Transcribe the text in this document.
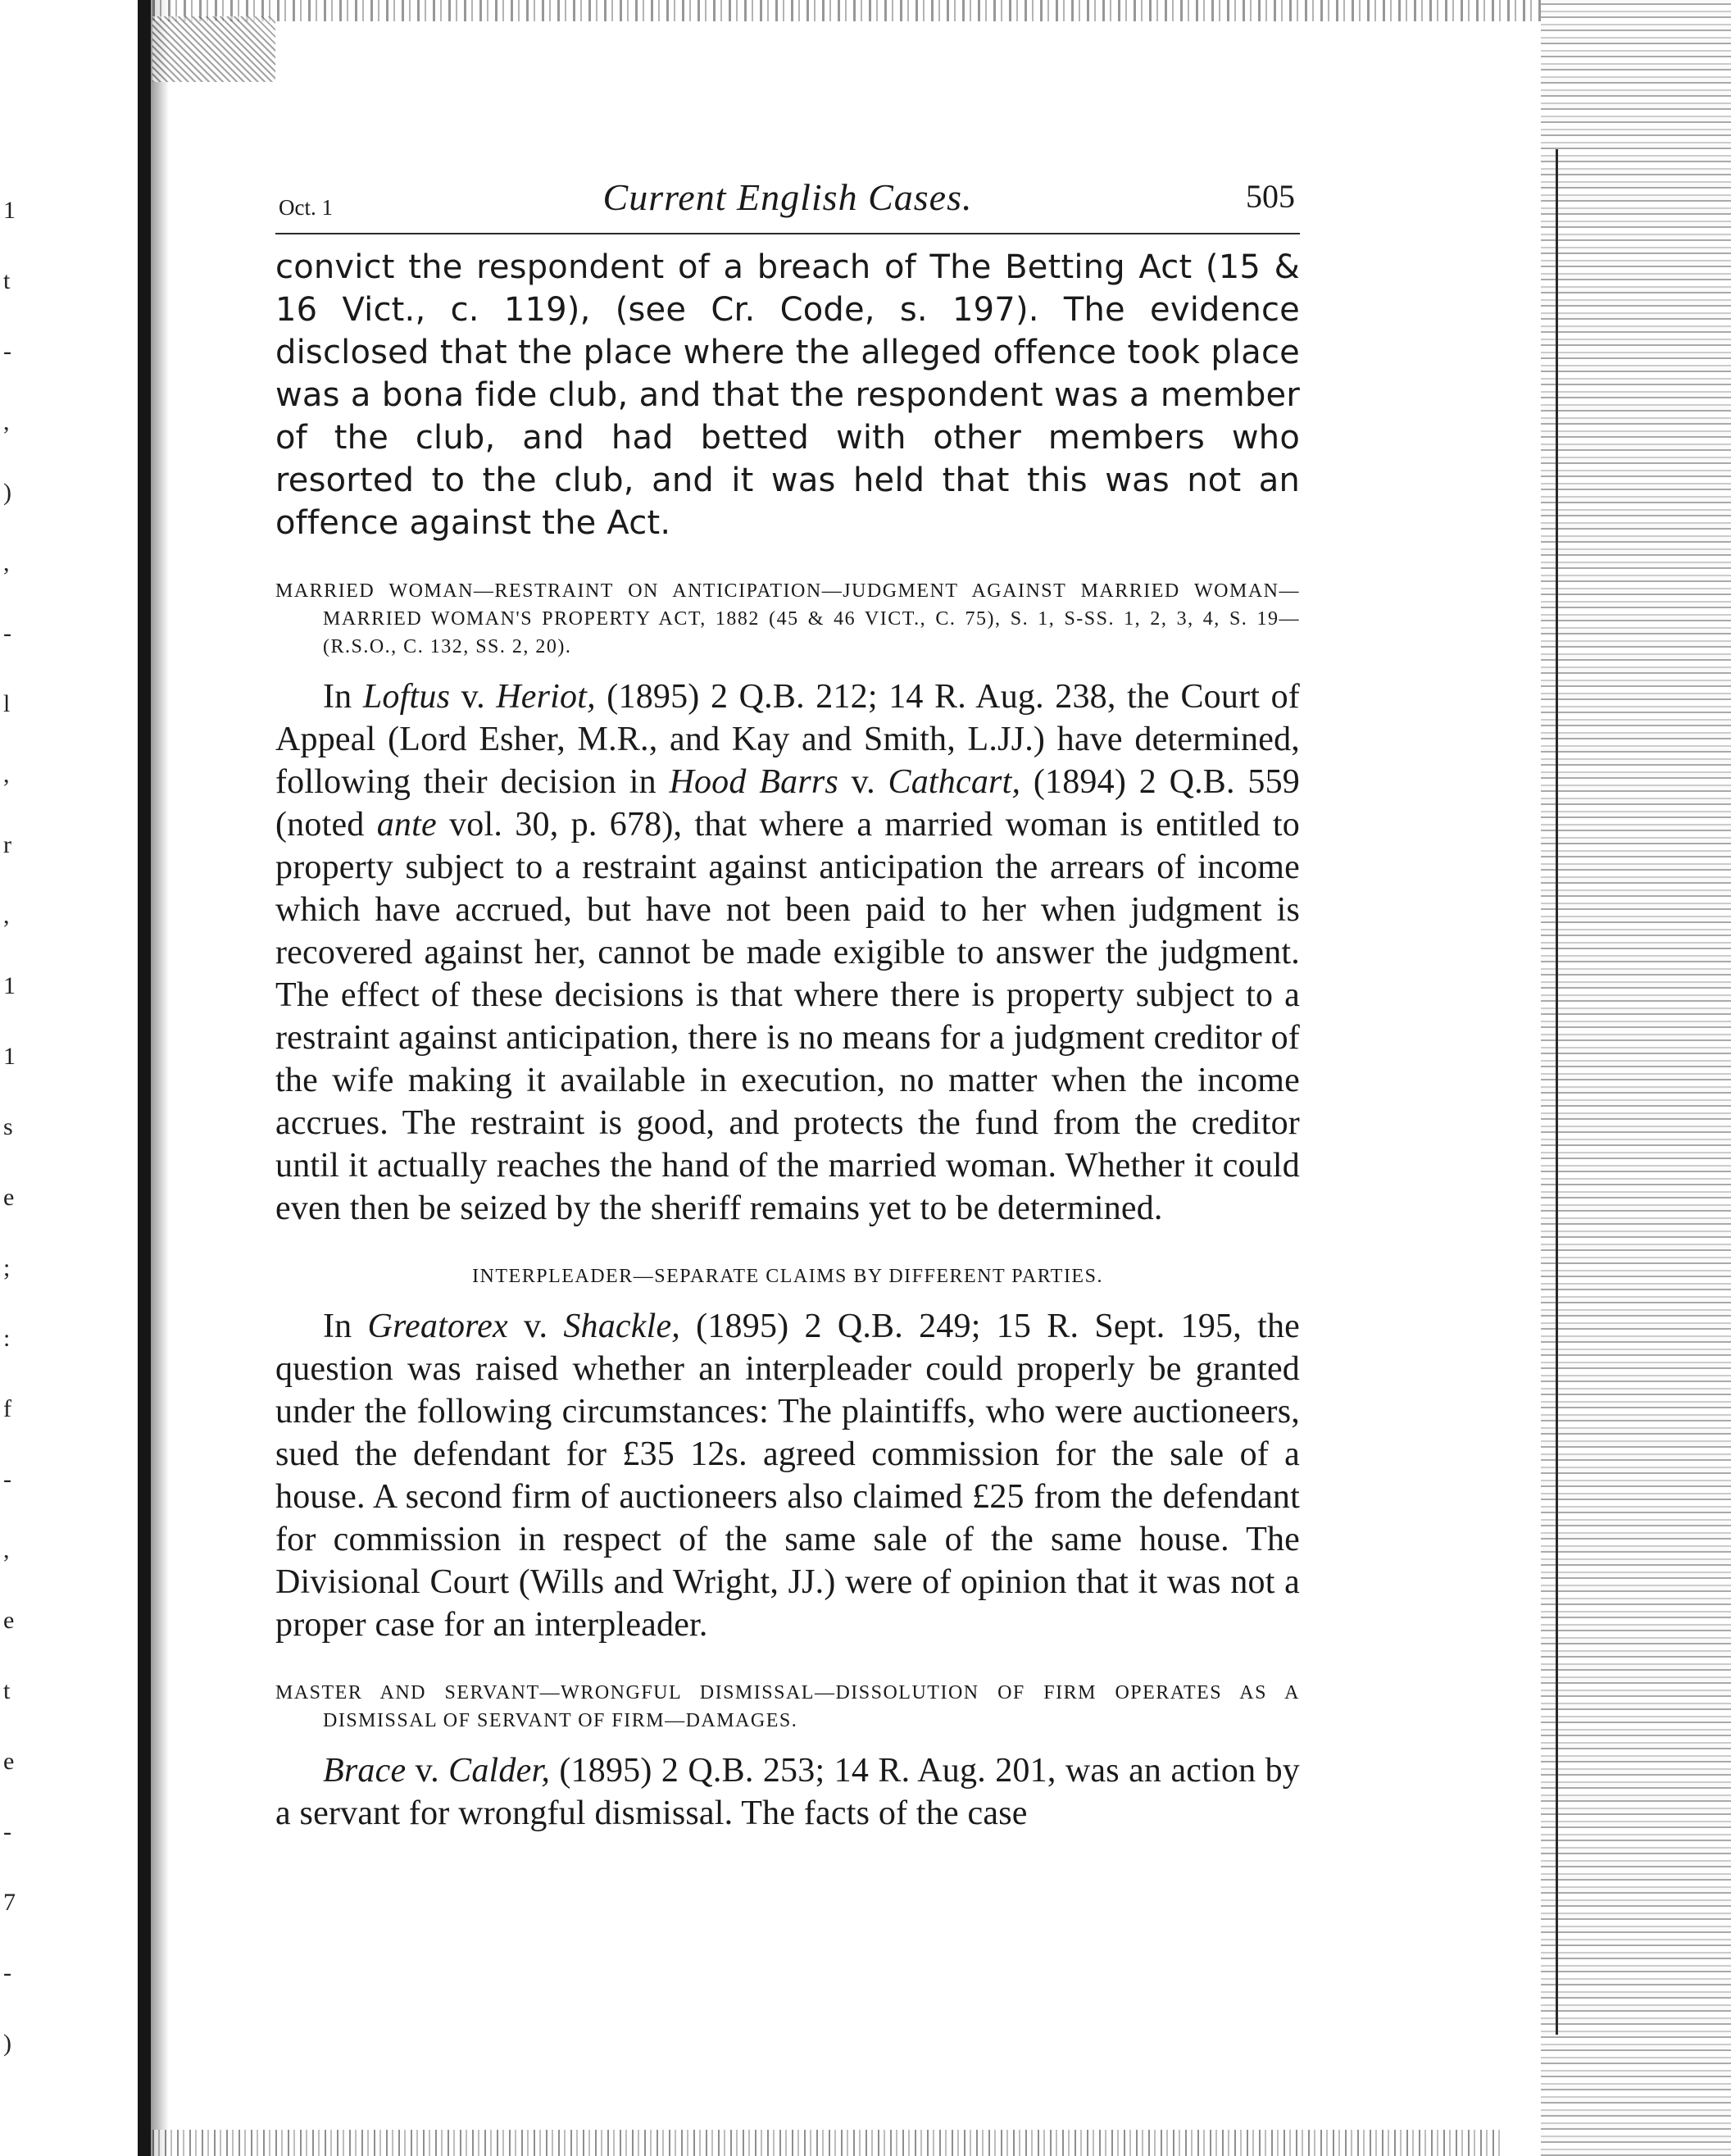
1
t
-
,
)
,
-
l
,
r
,
1
1
s
e
;
:
f
-
,
e
t
e
-
7
-
)
Oct. 1	Current English Cases.	505

convict the respondent of a breach of The Betting Act (15 & 16 Vict., c. 119), (see Cr. Code, s. 197). The evidence disclosed that the place where the alleged offence took place was a bona fide club, and that the respondent was a member of the club, and had betted with other members who resorted to the club, and it was held that this was not an offence against the Act.

MARRIED WOMAN—RESTRAINT ON ANTICIPATION—JUDGMENT AGAINST MARRIED WOMAN—MARRIED WOMAN'S PROPERTY ACT, 1882 (45 & 46 VICT., C. 75), S. 1, S-SS. 1, 2, 3, 4, S. 19—(R.S.O., C. 132, SS. 2, 20).

In Loftus v. Heriot, (1895) 2 Q.B. 212; 14 R. Aug. 238, the Court of Appeal (Lord Esher, M.R., and Kay and Smith, L.JJ.) have determined, following their decision in Hood Barrs v. Cathcart, (1894) 2 Q.B. 559 (noted ante vol. 30, p. 678), that where a married woman is entitled to property subject to a restraint against anticipation the arrears of income which have accrued, but have not been paid to her when judgment is recovered against her, cannot be made exigible to answer the judgment. The effect of these decisions is that where there is property subject to a restraint against anticipation, there is no means for a judgment creditor of the wife making it available in execution, no matter when the income accrues. The restraint is good, and protects the fund from the creditor until it actually reaches the hand of the married woman. Whether it could even then be seized by the sheriff remains yet to be determined.

INTERPLEADER—SEPARATE CLAIMS BY DIFFERENT PARTIES.

In Greatorex v. Shackle, (1895) 2 Q.B. 249; 15 R. Sept. 195, the question was raised whether an interpleader could properly be granted under the following circumstances: The plaintiffs, who were auctioneers, sued the defendant for £35 12s. agreed commission for the sale of a house. A second firm of auctioneers also claimed £25 from the defendant for commission in respect of the same sale of the same house. The Divisional Court (Wills and Wright, JJ.) were of opinion that it was not a proper case for an interpleader.

MASTER AND SERVANT—WRONGFUL DISMISSAL—DISSOLUTION OF FIRM OPERATES AS A DISMISSAL OF SERVANT OF FIRM—DAMAGES.

Brace v. Calder, (1895) 2 Q.B. 253; 14 R. Aug. 201, was an action by a servant for wrongful dismissal. The facts of the case
